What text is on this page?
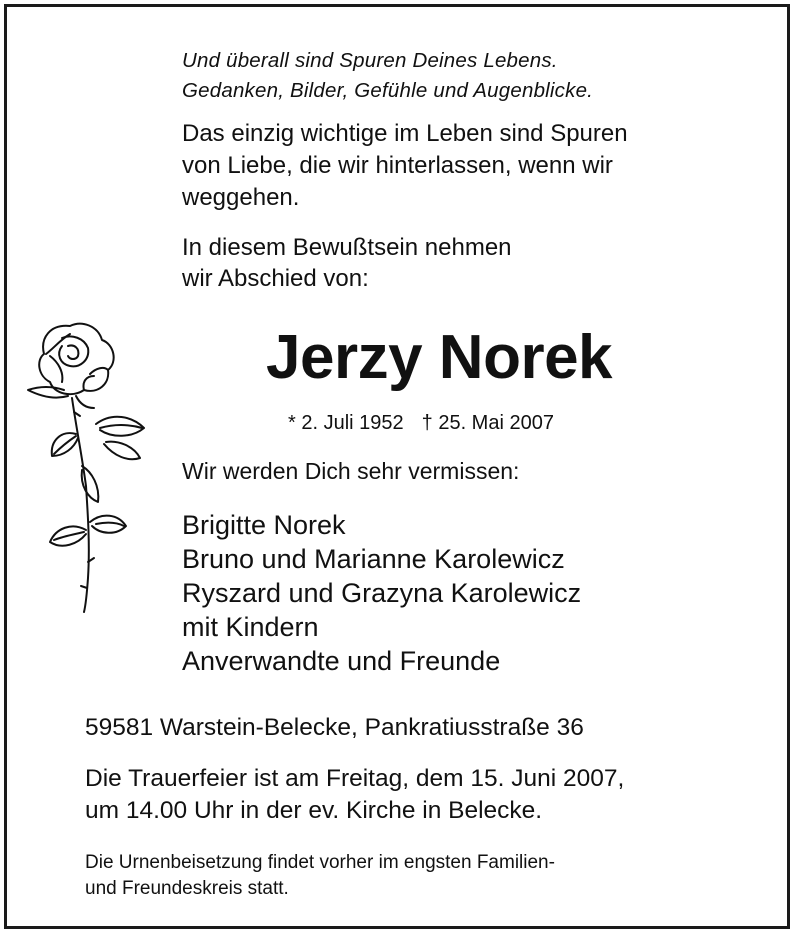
Und überall sind Spuren Deines Lebens.
Gedanken, Bilder, Gefühle und Augenblicke.
Das einzig wichtige im Leben sind Spuren
von Liebe, die wir hinterlassen, wenn wir
weggehen.
In diesem Bewußtsein nehmen
wir Abschied von:
Jerzy Norek
* 2. Juli 1952 † 25. Mai 2007
Wir werden Dich sehr vermissen:
Brigitte Norek
Bruno und Marianne Karolewicz
Ryszard und Grazyna Karolewicz
mit Kindern
Anverwandte und Freunde
59581 Warstein-Belecke, Pankratiusstraße 36
Die Trauerfeier ist am Freitag, dem 15. Juni 2007,
um 14.00 Uhr in der ev. Kirche in Belecke.
Die Urnenbeisetzung findet vorher im engsten Familien-
und Freundeskreis statt.
